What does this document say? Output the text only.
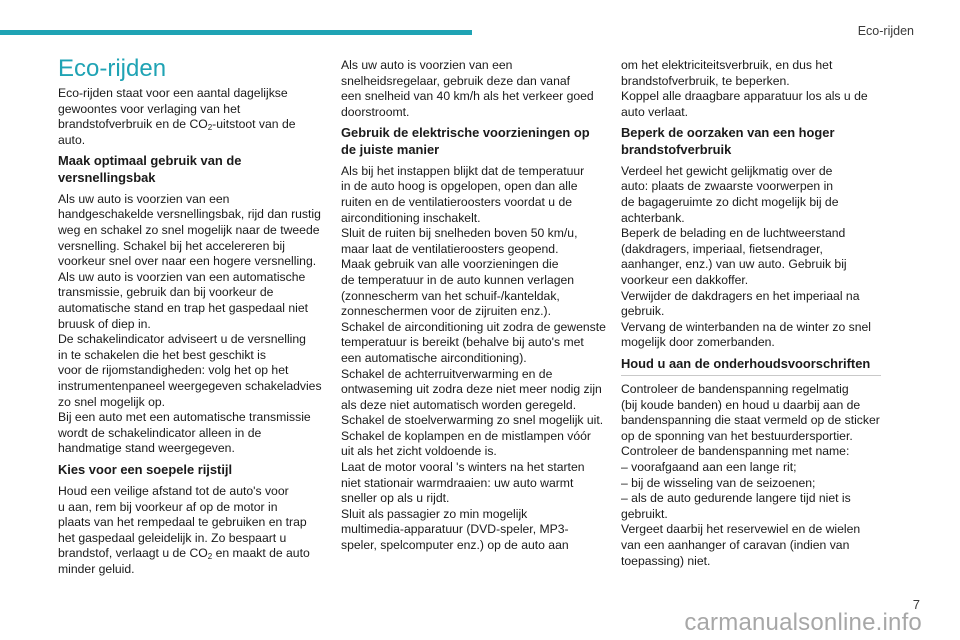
Eco-rijden
Eco-rijden
Eco-rijden staat voor een aantal dagelijkse
gewoontes voor verlaging van het
brandstofverbruik en de $CO_2$-uitstoot van de
auto.
Maak optimaal gebruik van de
versnellingsbak
Als uw auto is voorzien van een
handgeschakelde versnellingsbak, rijd dan rustig
weg en schakel zo snel mogelijk naar de tweede
versnelling. Schakel bij het accelereren bij
voorkeur snel over naar een hogere versnelling.
Als uw auto is voorzien van een automatische
transmissie, gebruik dan bij voorkeur de
automatische stand en trap het gaspedaal niet
bruusk of diep in.
De schakelindicator adviseert u de versnelling
in te schakelen die het best geschikt is
voor de rijomstandigheden: volg het op het
instrumentenpaneel weergegeven schakeladvies
zo snel mogelijk op.
Bij een auto met een automatische transmissie
wordt de schakelindicator alleen in de
handmatige stand weergegeven.
Kies voor een soepele rijstijl
Houd een veilige afstand tot de auto's voor
u aan, rem bij voorkeur af op de motor in
plaats van het rempedaal te gebruiken en trap
het gaspedaal geleidelijk in. Zo bespaart u
brandstof, verlaagt u de $CO_2$ en maakt de auto
minder geluid.
Als uw auto is voorzien van een
snelheidsregelaar, gebruik deze dan vanaf
een snelheid van 40 km/h als het verkeer goed
doorstroomt.
Gebruik de elektrische voorzieningen op
de juiste manier
Als bij het instappen blijkt dat de temperatuur
in de auto hoog is opgelopen, open dan alle
ruiten en de ventilatieroosters voordat u de
airconditioning inschakelt.
Sluit de ruiten bij snelheden boven 50 km/u,
maar laat de ventilatieroosters geopend.
Maak gebruik van alle voorzieningen die
de temperatuur in de auto kunnen verlagen
(zonnescherm van het schuif-/kanteldak,
zonneschermen voor de zijruiten enz.).
Schakel de airconditioning uit zodra de gewenste
temperatuur is bereikt (behalve bij auto's met
een automatische airconditioning).
Schakel de achterruitverwarming en de
ontwaseming uit zodra deze niet meer nodig zijn
als deze niet automatisch worden geregeld.
Schakel de stoelverwarming zo snel mogelijk uit.
Schakel de koplampen en de mistlampen vóór
uit als het zicht voldoende is.
Laat de motor vooral 's winters na het starten
niet stationair warmdraaien: uw auto warmt
sneller op als u rijdt.
Sluit als passagier zo min mogelijk
multimedia-apparatuur (DVD-speler, MP3-
speler, spelcomputer enz.) op de auto aan
om het elektriciteitsverbruik, en dus het
brandstofverbruik, te beperken.
Koppel alle draagbare apparatuur los als u de
auto verlaat.
Beperk de oorzaken van een hoger
brandstofverbruik
Verdeel het gewicht gelijkmatig over de
auto: plaats de zwaarste voorwerpen in
de bagageruimte zo dicht mogelijk bij de
achterbank.
Beperk de belading en de luchtweerstand
(dakdragers, imperiaal, fietsendrager,
aanhanger, enz.) van uw auto. Gebruik bij
voorkeur een dakkoffer.
Verwijder de dakdragers en het imperiaal na
gebruik.
Vervang de winterbanden na de winter zo snel
mogelijk door zomerbanden.
Houd u aan de onderhoudsvoorschriften
Controleer de bandenspanning regelmatig
(bij koude banden) en houd u daarbij aan de
bandenspanning die staat vermeld op de sticker
op de sponning van het bestuurdersportier.
Controleer de bandenspanning met name:
– voorafgaand aan een lange rit;
– bij de wisseling van de seizoenen;
– als de auto gedurende langere tijd niet is
gebruikt.
Vergeet daarbij het reservewiel en de wielen
van een aanhanger of caravan (indien van
toepassing) niet.
7
carmanualsonline.info
